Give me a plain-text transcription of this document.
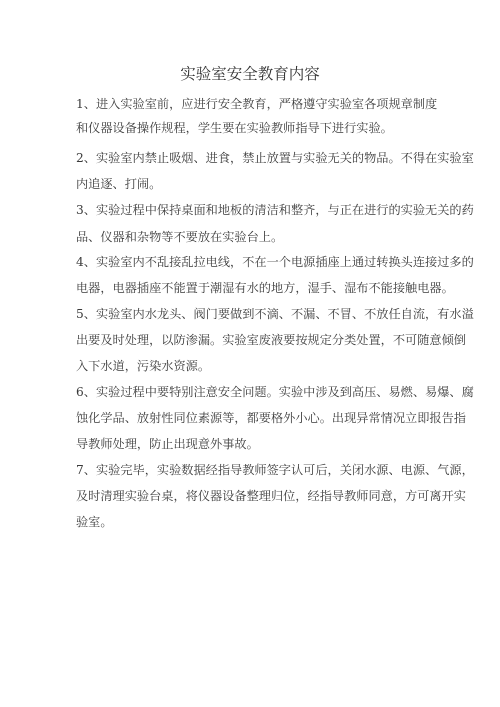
实验室安全教育内容
1、进入实验室前，应进行安全教育，严格遵守实验室各项规章制度
和仪器设备操作规程，学生要在实验教师指导下进行实验。
2、实验室内禁止吸烟、进食，禁止放置与实验无关的物品。不得在实验室
内追逐、打闹。
3、实验过程中保持桌面和地板的清洁和整齐，与正在进行的实验无关的药
品、仪器和杂物等不要放在实验台上。
4、实验室内不乱接乱拉电线，不在一个电源插座上通过转换头连接过多的
电器，电器插座不能置于潮湿有水的地方，湿手、湿布不能接触电器。
5、实验室内水龙头、阀门要做到不滴、不漏、不冒、不放任自流，有水溢
出要及时处理，以防渗漏。实验室废液要按规定分类处置，不可随意倾倒
入下水道，污染水资源。
6、实验过程中要特别注意安全问题。实验中涉及到高压、易燃、易爆、腐
蚀化学品、放射性同位素源等，都要格外小心。出现异常情况立即报告指
导教师处理，防止出现意外事故。
7、实验完毕，实验数据经指导教师签字认可后，关闭水源、电源、气源，
及时清理实验台桌，将仪器设备整理归位，经指导教师同意，方可离开实
验室。
